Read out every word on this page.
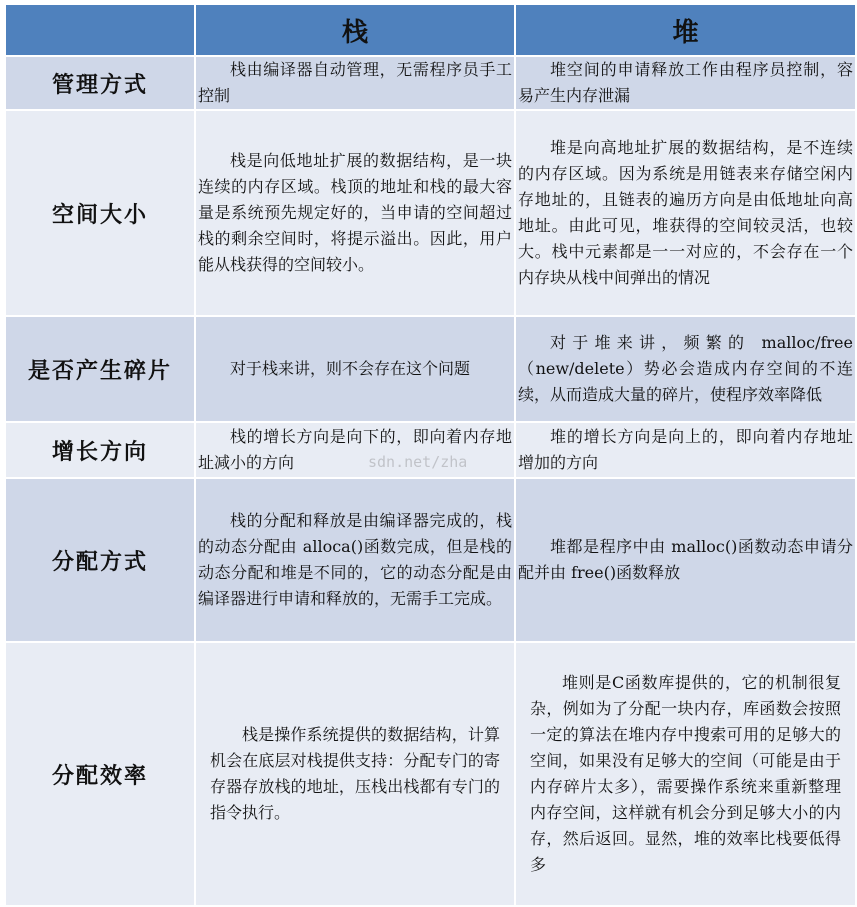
	栈	堆
管理方式	栈由编译器自动管理，无需程序员手工控制	堆空间的申请释放工作由程序员控制，容易产生内存泄漏

空间大小	栈是向低地址扩展的数据结构，是一块连续的内存区域。栈顶的地址和栈的最大容量是系统预先规定好的，当申请的空间超过栈的剩余空间时，将提示溢出。因此，用户能从栈获得的空间较小。	堆是向高地址扩展的数据结构，是不连续的内存区域。因为系统是用链表来存储空闲内存地址的，且链表的遍历方向是由低地址向高地址。由此可见，堆获得的空间较灵活，也较大。栈中元素都是一一对应的，不会存在一个内存块从栈中间弹出的情况

是否产生碎片	对于栈来讲，则不会存在这个问题	对于堆来讲，频繁的 malloc/free（new/delete）势必会造成内存空间的不连续，从而造成大量的碎片，使程序效率降低

增长方向	栈的增长方向是向下的，即向着内存地址减小的方向	堆的增长方向是向上的，即向着内存地址增加的方向

分配方式	栈的分配和释放是由编译器完成的，栈的动态分配由 alloca()函数完成，但是栈的动态分配和堆是不同的，它的动态分配是由编译器进行申请和释放的，无需手工完成。	堆都是程序中由 malloc()函数动态申请分配并由 free()函数释放

分配效率	栈是操作系统提供的数据结构，计算机会在底层对栈提供支持：分配专门的寄存器存放栈的地址，压栈出栈都有专门的指令执行。	堆则是C函数库提供的，它的机制很复杂，例如为了分配一块内存，库函数会按照一定的算法在堆内存中搜索可用的足够大的空间，如果没有足够大的空间（可能是由于内存碎片太多），需要操作系统来重新整理内存空间，这样就有机会分到足够大小的内存，然后返回。显然，堆的效率比栈要低得多
sdn.net/zha
